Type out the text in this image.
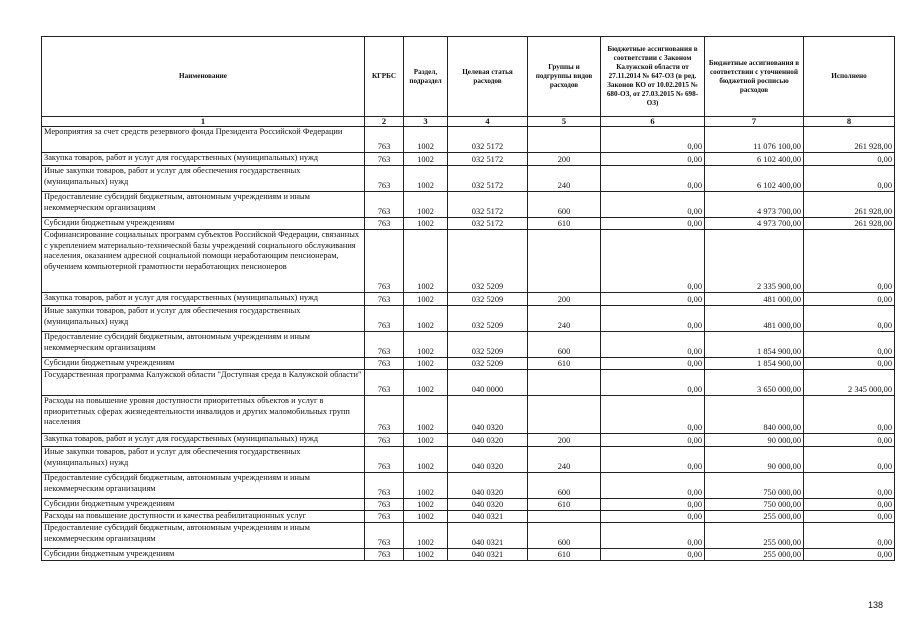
Наименование	КГРБС	Раздел, подраздел	Целевая статья расходов	Группы и подгруппы видов расходов	Бюджетные ассигнования в соответствии с Законом Калужской области от 27.11.2014 № 647-ОЗ (в ред. Законов КО от 10.02.2015 № 680-ОЗ, от 27.03.2015 № 698-ОЗ)	Бюджетные ассигнования в соответствии с уточненной бюджетной росписью расходов	Исполнено
1	2	3	4	5	6	7	8
Мероприятия за счет средств резервного фонда Президента Российской Федерации	763	1002	032 5172		0,00	11 076 100,00	261 928,00
Закупка товаров, работ и услуг для государственных (муниципальных) нужд	763	1002	032 5172	200	0,00	6 102 400,00	0,00
Иные закупки товаров, работ и услуг для обеспечения государственных (муниципальных) нужд	763	1002	032 5172	240	0,00	6 102 400,00	0,00
Предоставление субсидий бюджетным, автономным учреждениям и иным некоммерческим организациям	763	1002	032 5172	600	0,00	4 973 700,00	261 928,00
Субсидии бюджетным учреждениям	763	1002	032 5172	610	0,00	4 973 700,00	261 928,00
Софинансирование социальных программ субъектов Российской Федерации, связанных с укреплением материально-технической базы учреждений социального обслуживания населения, оказанием адресной социальной помощи неработающим пенсионерам, обучением компьютерной грамотности неработающих пенсионеров	763	1002	032 5209		0,00	2 335 900,00	0,00
Закупка товаров, работ и услуг для государственных (муниципальных) нужд	763	1002	032 5209	200	0,00	481 000,00	0,00
Иные закупки товаров, работ и услуг для обеспечения государственных (муниципальных) нужд	763	1002	032 5209	240	0,00	481 000,00	0,00
Предоставление субсидий бюджетным, автономным учреждениям и иным некоммерческим организациям	763	1002	032 5209	600	0,00	1 854 900,00	0,00
Субсидии бюджетным учреждениям	763	1002	032 5209	610	0,00	1 854 900,00	0,00
Государственная программа Калужской области "Доступная среда в Калужской области"	763	1002	040 0000		0,00	3 650 000,00	2 345 000,00
Расходы на повышение уровня доступности приоритетных объектов и услуг в приоритетных сферах жизнедеятельности инвалидов и других маломобильных групп населения	763	1002	040 0320		0,00	840 000,00	0,00
Закупка товаров, работ и услуг для государственных (муниципальных) нужд	763	1002	040 0320	200	0,00	90 000,00	0,00
Иные закупки товаров, работ и услуг для обеспечения государственных (муниципальных) нужд	763	1002	040 0320	240	0,00	90 000,00	0,00
Предоставление субсидий бюджетным, автономным учреждениям и иным некоммерческим организациям	763	1002	040 0320	600	0,00	750 000,00	0,00
Субсидии бюджетным учреждениям	763	1002	040 0320	610	0,00	750 000,00	0,00
Расходы на повышение доступности и качества реабилитационных услуг	763	1002	040 0321		0,00	255 000,00	0,00
Предоставление субсидий бюджетным, автономным учреждениям и иным некоммерческим организациям	763	1002	040 0321	600	0,00	255 000,00	0,00
Субсидии бюджетным учреждениям	763	1002	040 0321	610	0,00	255 000,00	0,00
138
